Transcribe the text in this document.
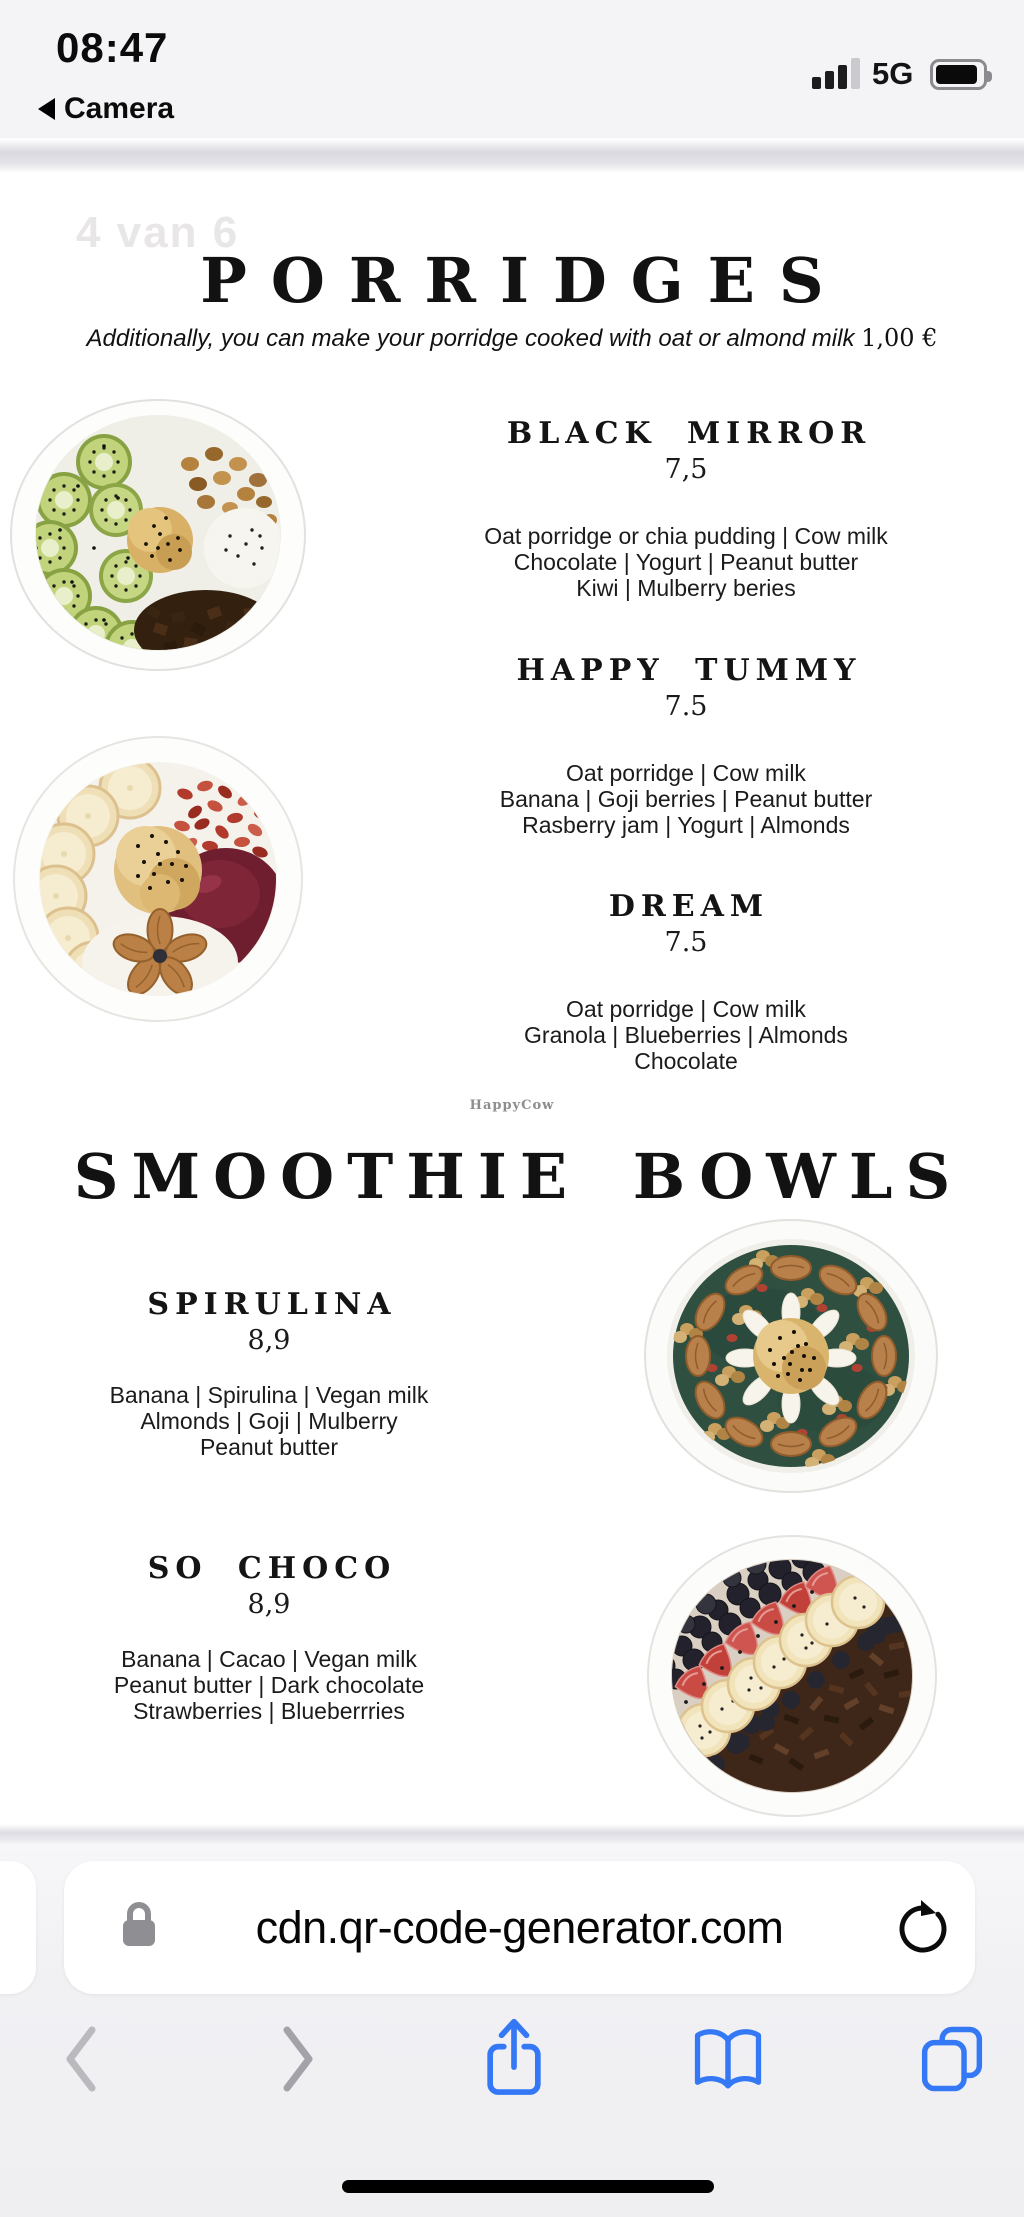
08:47
Camera
5G
4 van 6
PORRIDGES
Additionally, you can make your porridge cooked with oat or almond milk 1,00 €
BLACK MIRROR
7,5
Oat porridge or chia pudding | Cow milk
Chocolate | Yogurt | Peanut butter
Kiwi | Mulberry beries
HAPPY TUMMY
7.5
Oat porridge | Cow milk
Banana | Goji berries | Peanut butter
Rasberry jam | Yogurt | Almonds
DREAM
7.5
Oat porridge | Cow milk
Granola | Blueberries | Almonds
Chocolate
HappyCow
SMOOTHIE BOWLS
SPIRULINA
8,9
Banana | Spirulina | Vegan milk
Almonds | Goji | Mulberry
Peanut butter
SO CHOCO
8,9
Banana | Cacao | Vegan milk
Peanut butter | Dark chocolate
Strawberries | Blueberrries
cdn.qr-code-generator.com
